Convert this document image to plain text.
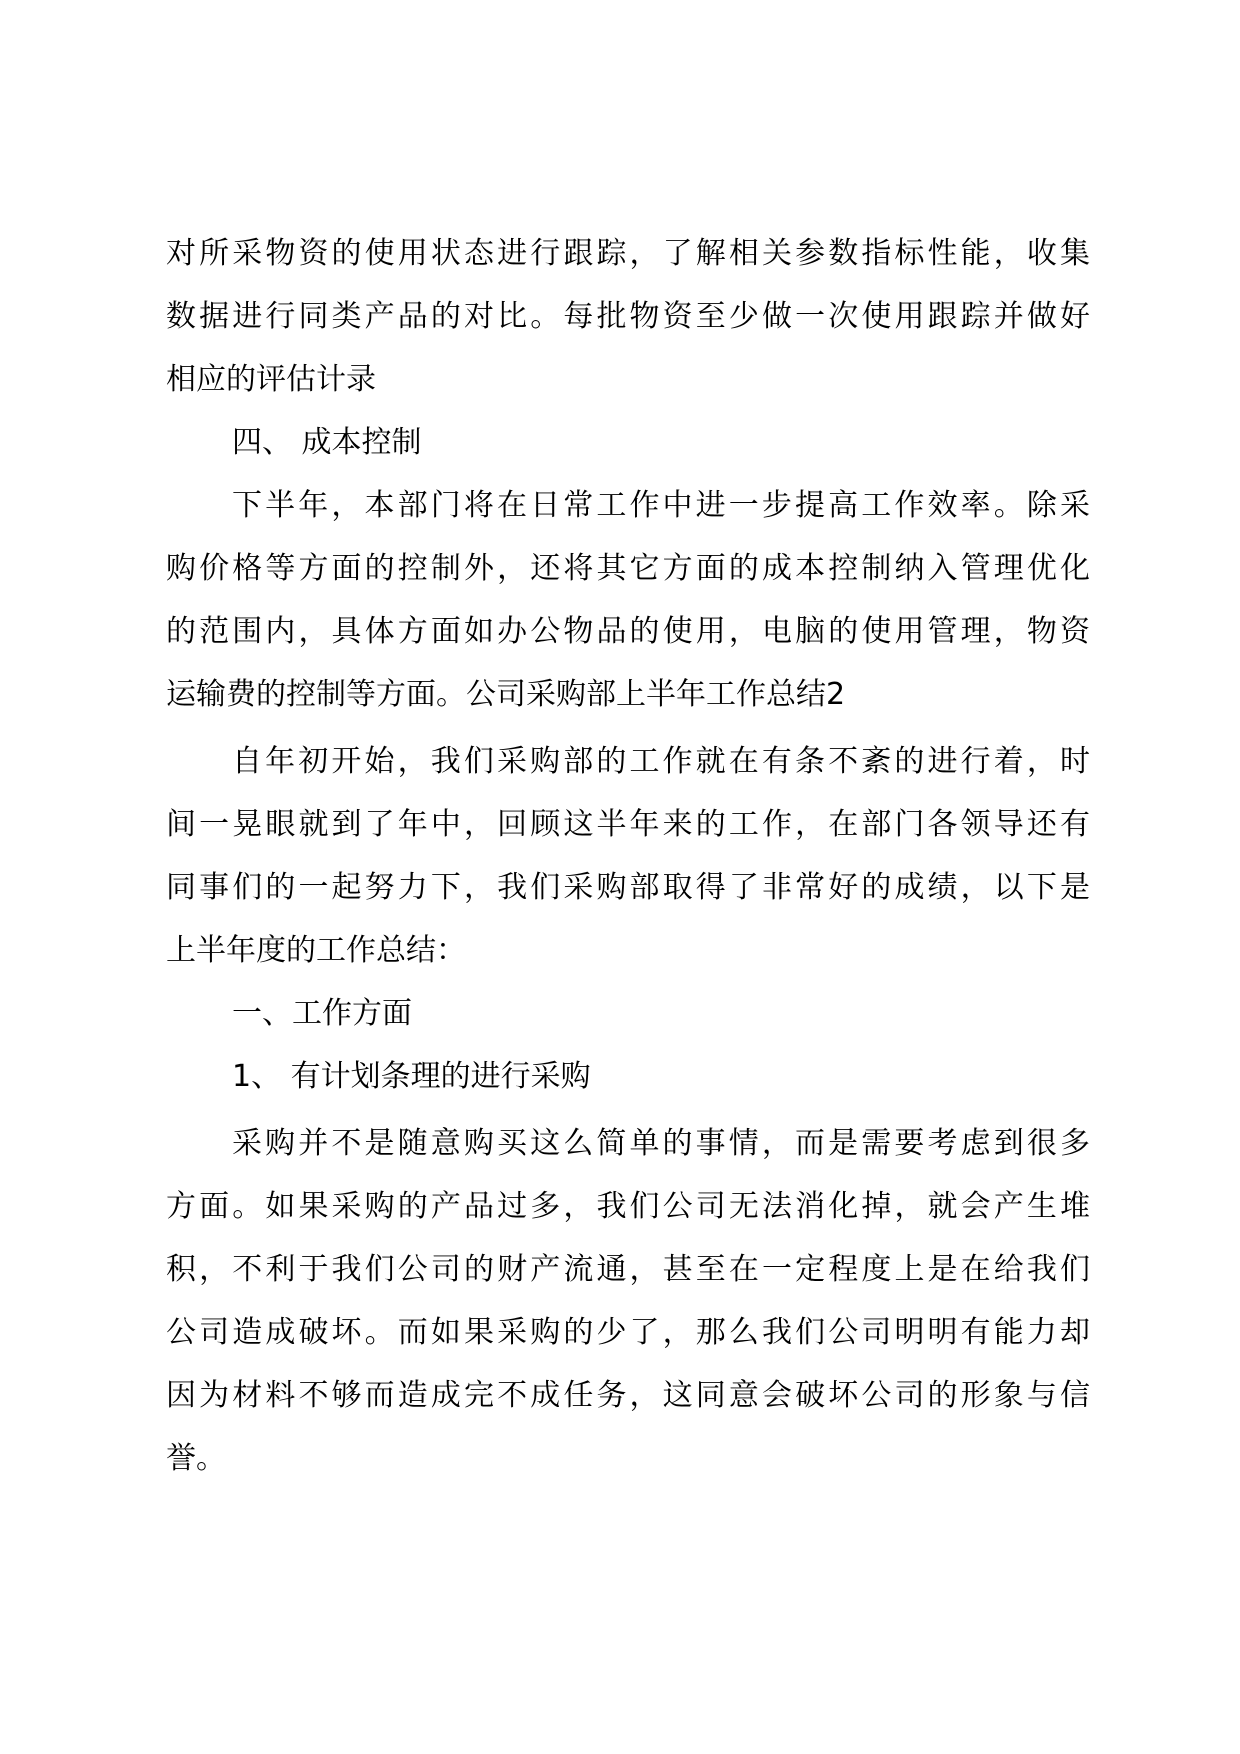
对所采物资的使用状态进行跟踪，了解相关参数指标性能，收集
数据进行同类产品的对比。每批物资至少做一次使用跟踪并做好
相应的评估计录
四、 成本控制
下半年，本部门将在日常工作中进一步提高工作效率。除采
购价格等方面的控制外，还将其它方面的成本控制纳入管理优化
的范围内，具体方面如办公物品的使用，电脑的使用管理，物资
运输费的控制等方面。公司采购部上半年工作总结2
自年初开始，我们采购部的工作就在有条不紊的进行着，时
间一晃眼就到了年中，回顾这半年来的工作，在部门各领导还有
同事们的一起努力下，我们采购部取得了非常好的成绩，以下是
上半年度的工作总结：
一、工作方面
1、 有计划条理的进行采购
采购并不是随意购买这么简单的事情，而是需要考虑到很多
方面。如果采购的产品过多，我们公司无法消化掉，就会产生堆
积，不利于我们公司的财产流通，甚至在一定程度上是在给我们
公司造成破坏。而如果采购的少了，那么我们公司明明有能力却
因为材料不够而造成完不成任务，这同意会破坏公司的形象与信
誉。
